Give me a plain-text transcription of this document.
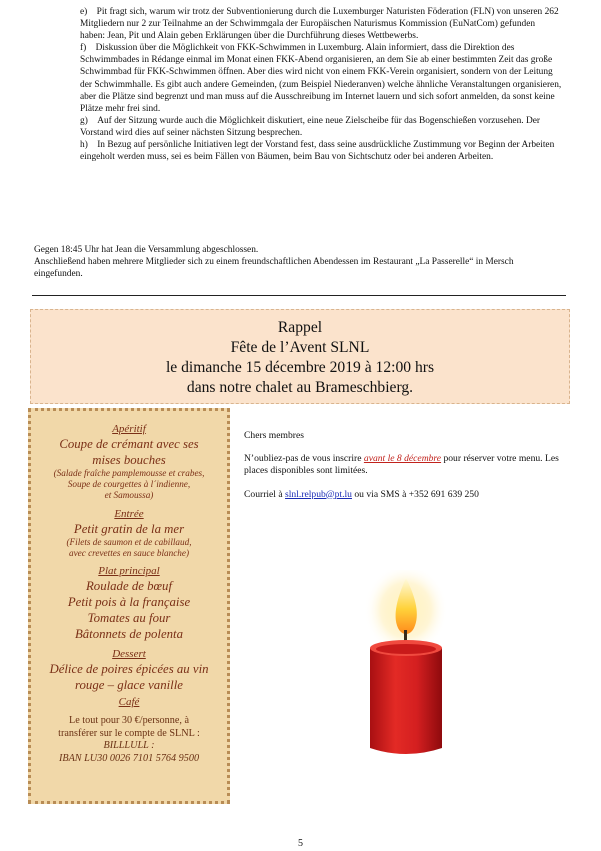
e) Pit fragt sich, warum wir trotz der Subventionierung durch die Luxemburger Naturisten Föderation (FLN) von unseren 262 Mitgliedern nur 2 zur Teilnahme an der Schwimmgala der Europäischen Naturismus Kommission (EuNatCom) gefunden haben: Jean, Pit und Alain geben Erklärungen über die Durchführung dieses Wettbewerbs.

f) Diskussion über die Möglichkeit von FKK-Schwimmen in Luxemburg. Alain informiert, dass die Direktion des Schwimmbades in Rédange einmal im Monat einen FKK-Abend organisieren, an dem Sie ab einer bestimmten Zeit das große Schwimmbad für FKK-Schwimmen öffnen. Aber dies wird nicht von einem FKK-Verein organisiert, sondern von der Leitung der Schwimmhalle. Es gibt auch andere Gemeinden, (zum Beispiel Niederanven) welche ähnliche Veranstaltungen organisieren, aber die Plätze sind begrenzt und man muss auf die Ausschreibung im Internet lauern und sich sofort anmelden, da sonst keine Plätze mehr frei sind.

g) Auf der Sitzung wurde auch die Möglichkeit diskutiert, eine neue Zielscheibe für das Bogenschießen vorzusehen. Der Vorstand wird dies auf seiner nächsten Sitzung besprechen.

h) In Bezug auf persönliche Initiativen legt der Vorstand fest, dass seine ausdrückliche Zustimmung vor Beginn der Arbeiten eingeholt werden muss, sei es beim Fällen von Bäumen, beim Bau von Sichtschutz oder bei anderen Arbeiten.

Gegen 18:45 Uhr hat Jean die Versammlung abgeschlossen.

Anschließend haben mehrere Mitglieder sich zu einem freundschaftlichen Abendessen im Restaurant „La Passerelle“ in Mersch eingefunden.

Rappel
Fête de l’Avent SLNL
le dimanche 15 décembre 2019 à 12:00 hrs
dans notre chalet au Brameschbierg.
Apéritif
Coupe de crémant avec ses
mises bouches
(Salade fraîche pamplemousse et crabes,
Soupe de courgettes à l´indienne,
et Samoussa)
Entrée
Petit gratin de la mer
(Filets de saumon et de cabillaud,
avec crevettes en sauce blanche)
Plat principal
Roulade de bœuf
Petit pois à la française
Tomates au four
Bâtonnets de polenta
Dessert
Délice de poires épicées au vin
rouge – glace vanille
Café
Le tout pour 30 €/personne, à
transférer sur le compte de SLNL :
BILLLULL :
IBAN LU30 0026 7101 5764 9500

Chers membres

N’oubliez-pas de vous inscrire avant le 8 décembre pour réserver votre menu. Les places disponibles sont limitées.

Courriel à slnl.relpub@pt.lu ou via SMS à +352 691 639 250

5
